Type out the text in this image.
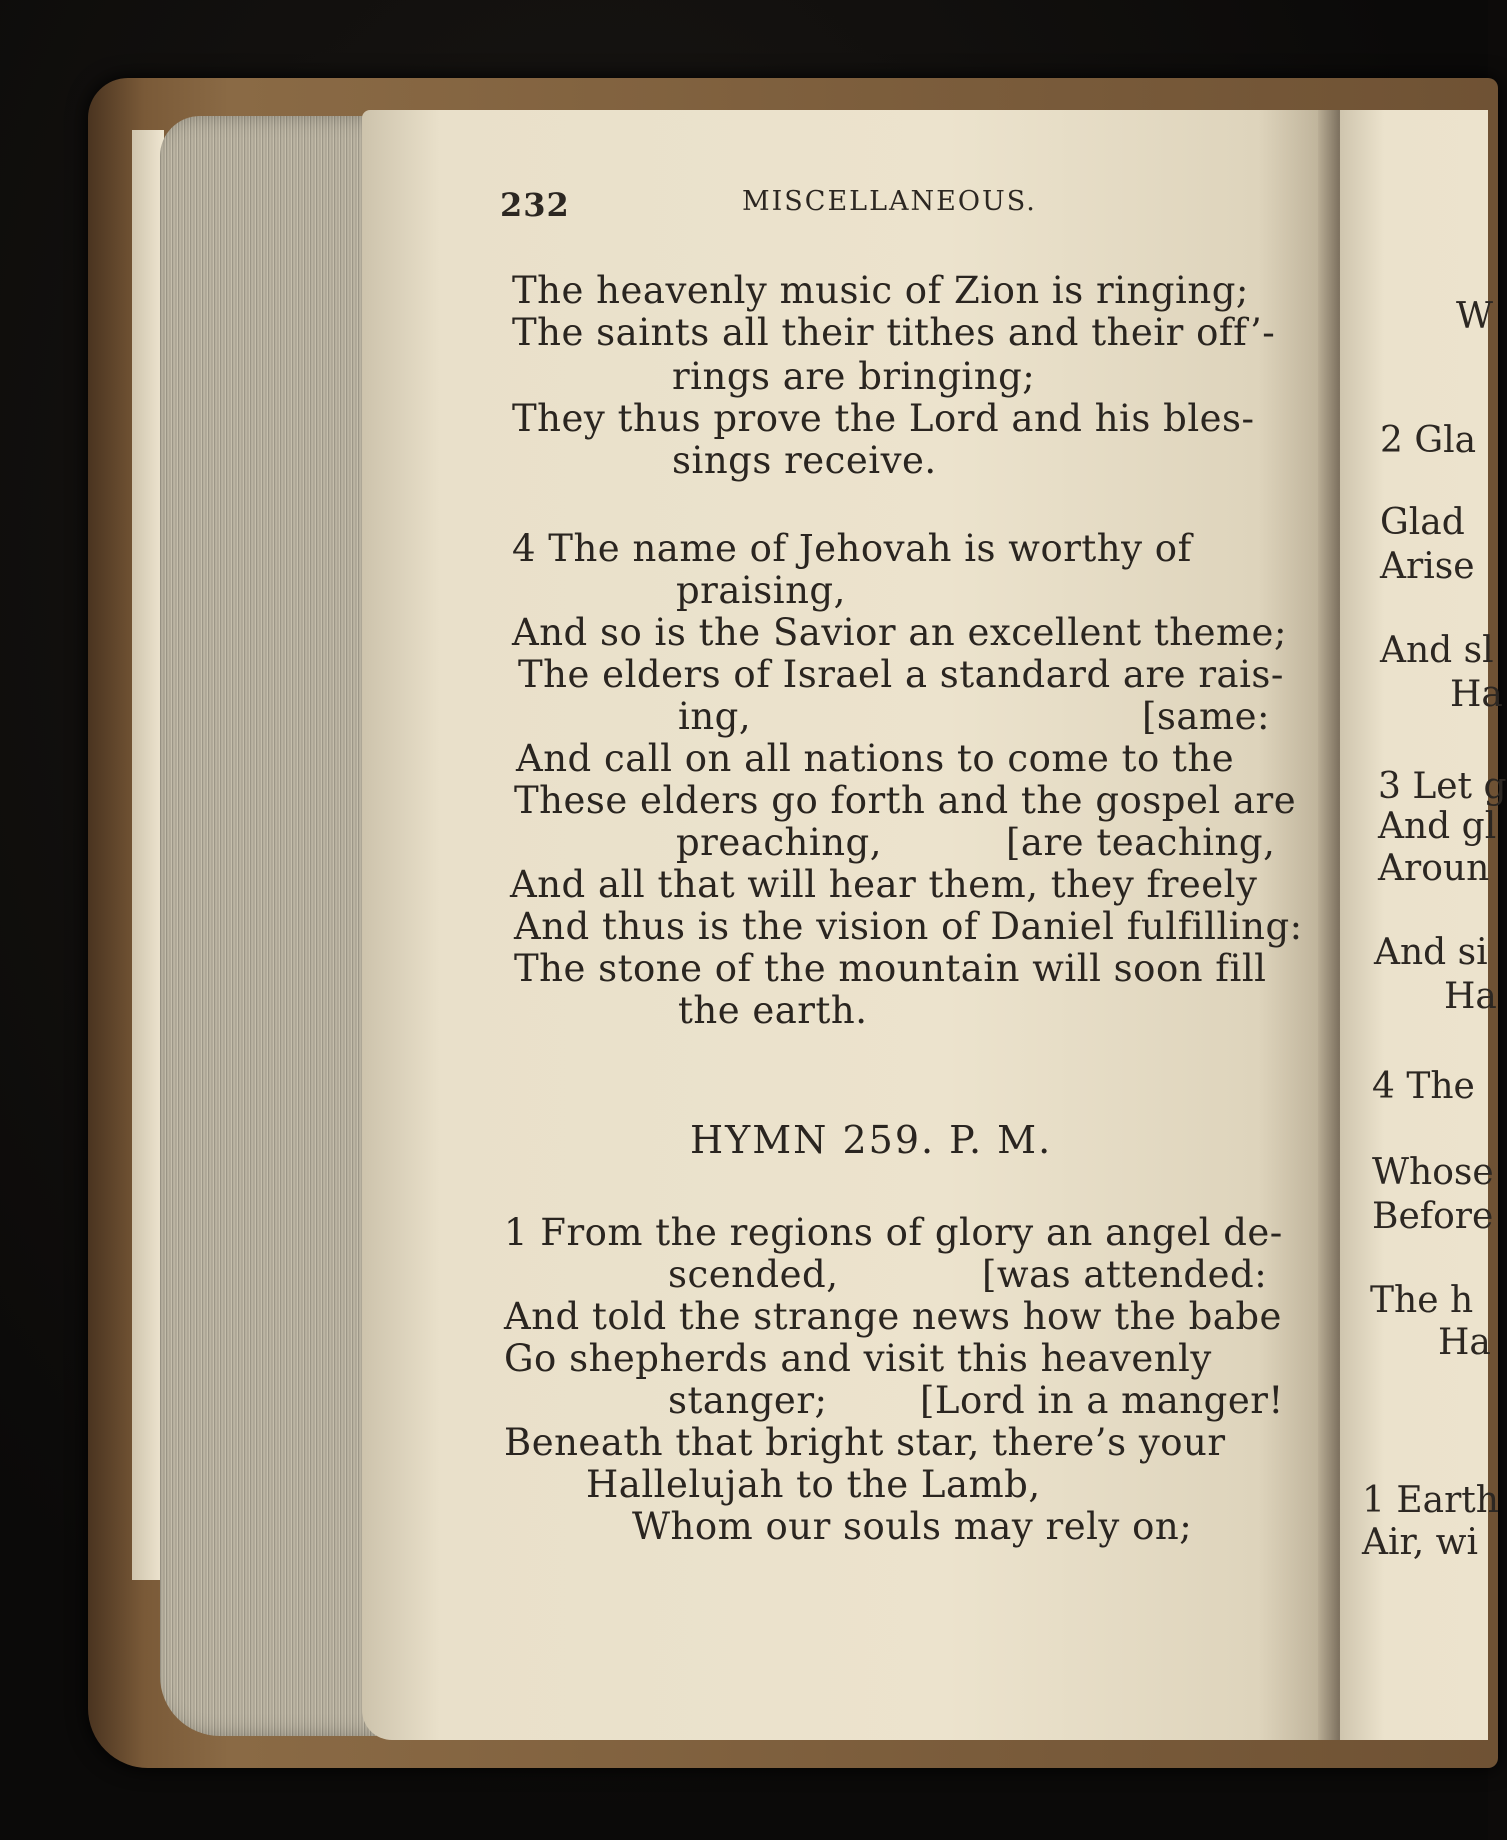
232	MISCELLANEOUS.
The heavenly music of Zion is ringing;
The saints all their tithes and their off’-
rings are bringing;
They thus prove the Lord and his bles-
sings receive.
4 The name of Jehovah is worthy of
praising,
And so is the Savior an excellent theme;
The elders of Israel a standard are rais-
ing,	[same:
And call on all nations to come to the
These elders go forth and the gospel are
preaching,	[are teaching,
And all that will hear them, they freely
And thus is the vision of Daniel fulfilling:
The stone of the mountain will soon fill
the earth.
HYMN 259. P. M.
1 From the regions of glory an angel de-
scended,	[was attended:
And told the strange news how the babe
Go shepherds and visit this heavenly
stanger;	[Lord in a manger!
Beneath that bright star, there’s your
Hallelujah to the Lamb,
Whom our souls may rely on;
W
2 Gla
Glad
Arise
And sl
Ha
3 Let g
And gl
Aroun
And si
Ha
4 The
Whose
Before
The h
Ha
1 Earth
Air, wi
